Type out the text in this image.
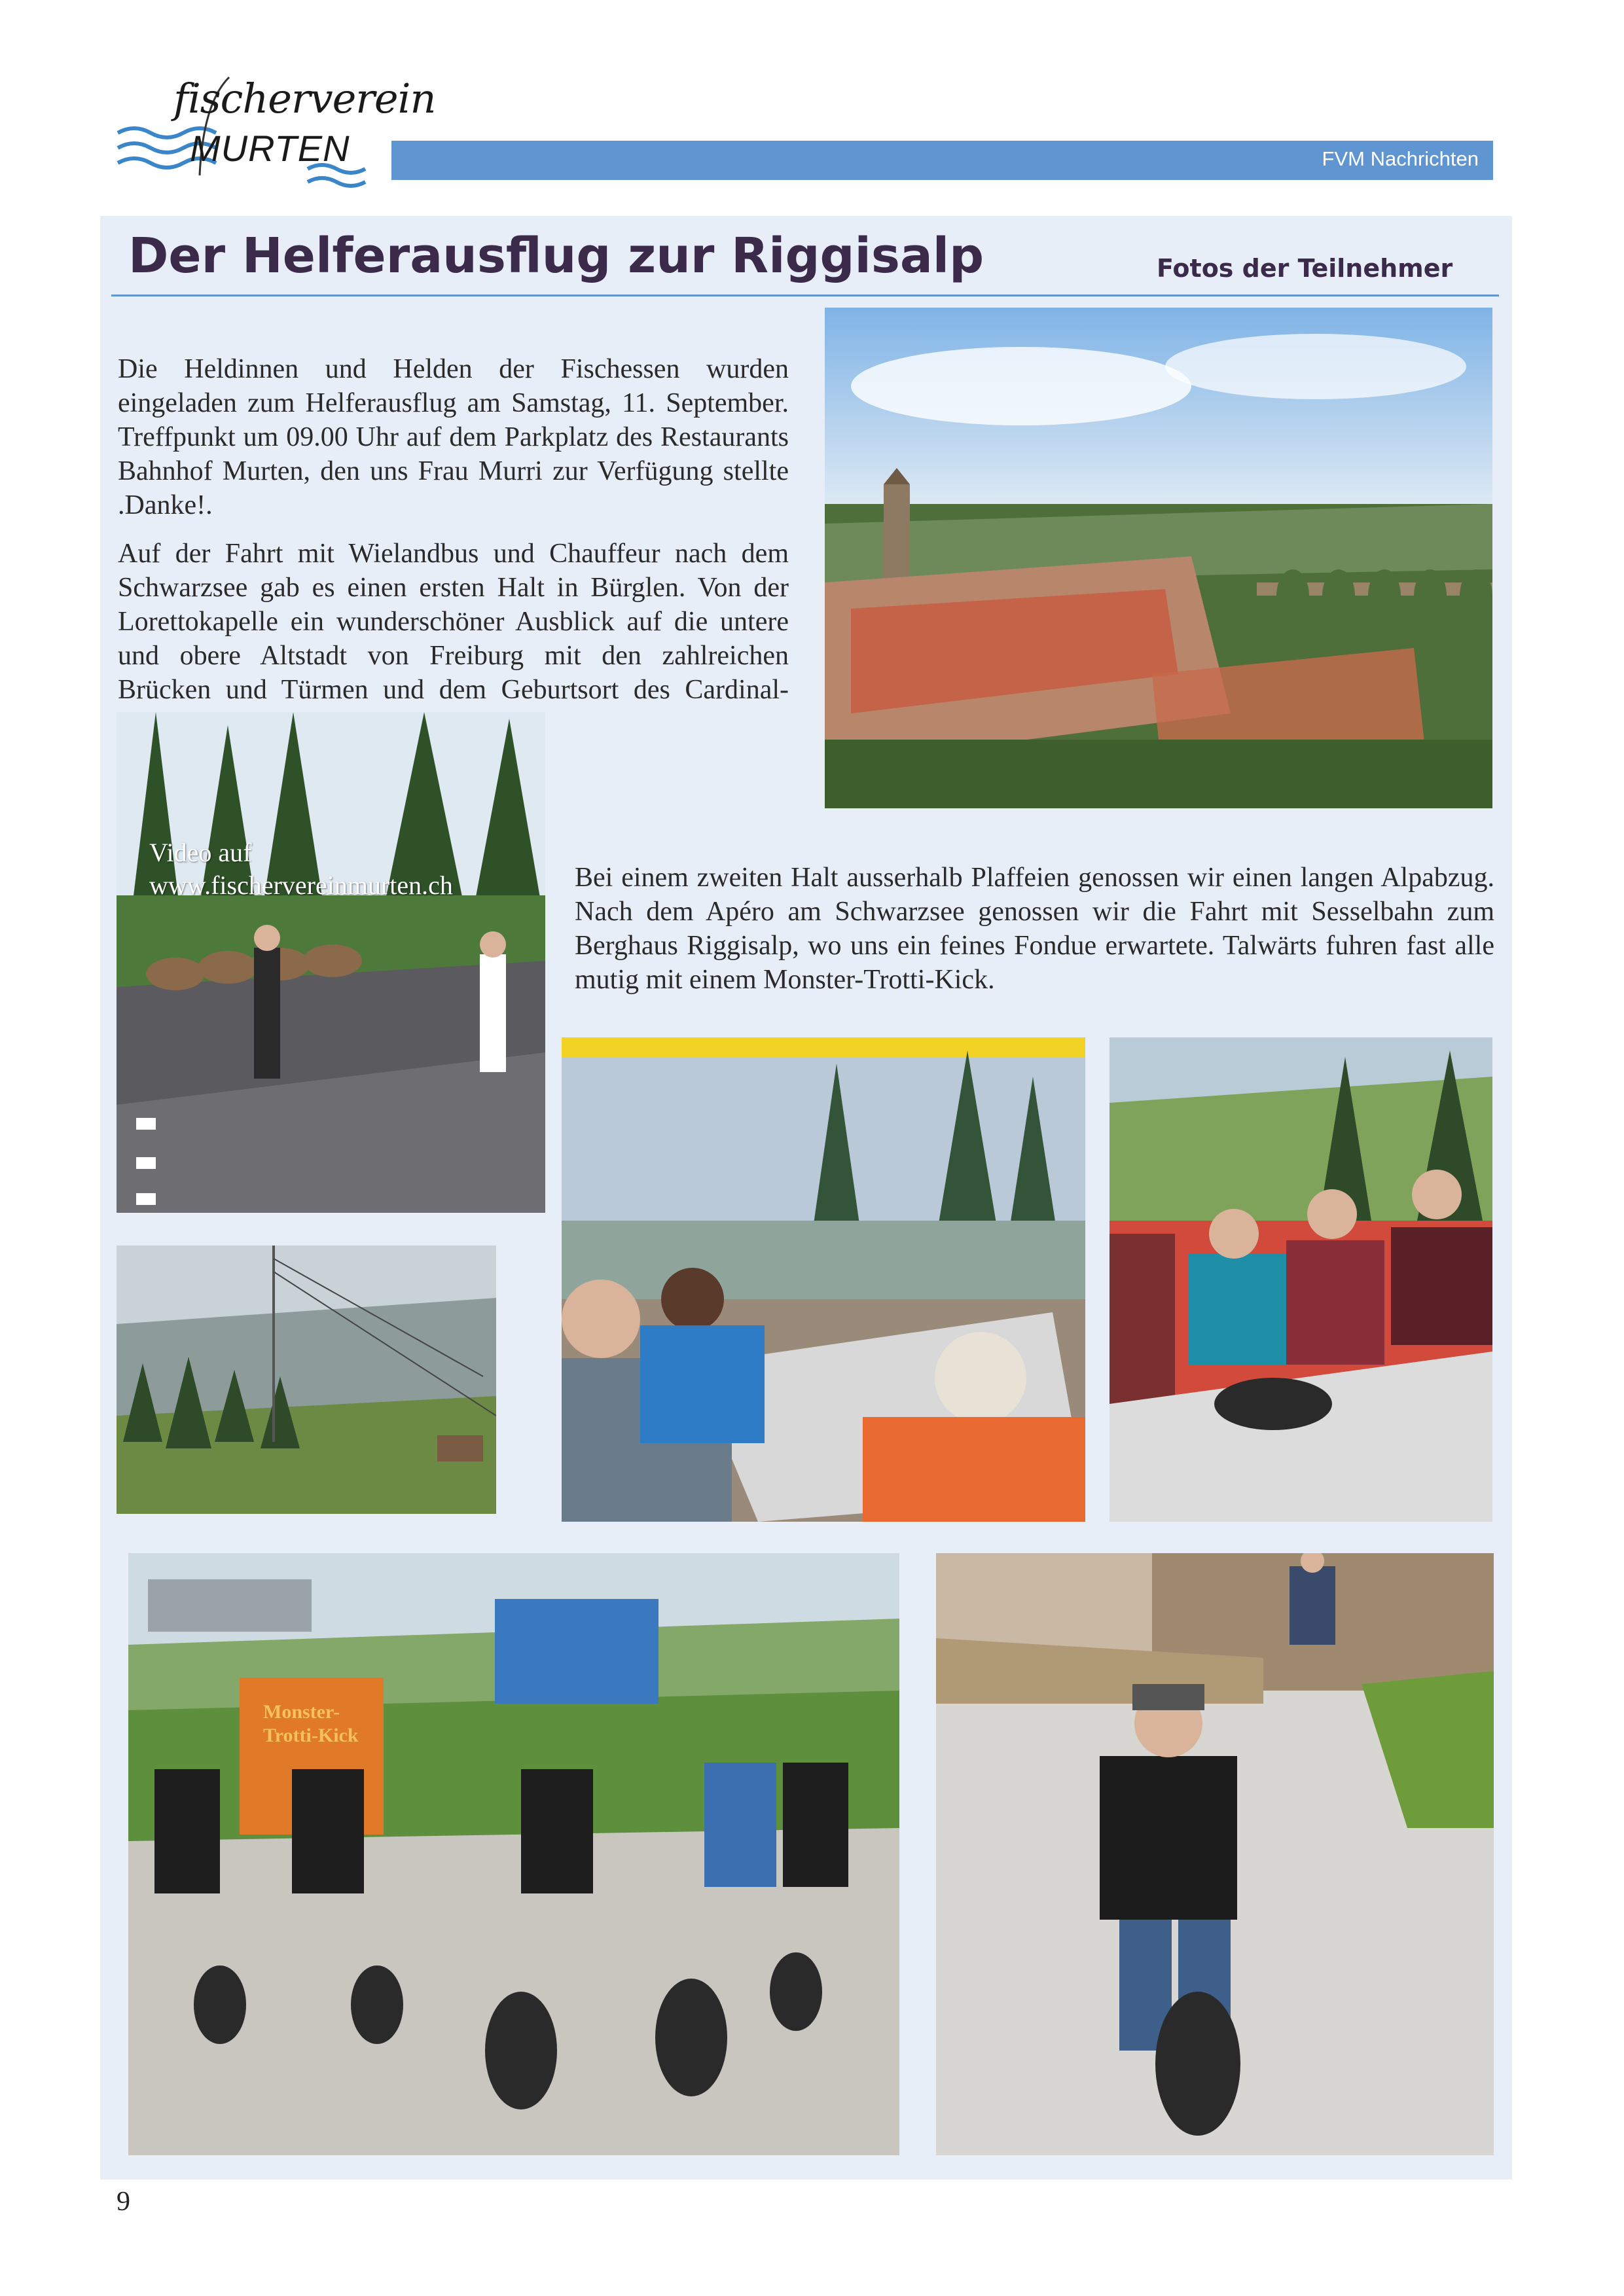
fischerverein
MURTEN	FVM Nachrichten
Der Helferausflug zur Riggisalp	Fotos der Teilnehmer

Die Heldinnen und Helden der Fischessen wurden eingeladen zum Helferausflug am Samstag, 11. September. Treffpunkt um 09.00 Uhr auf dem Parkplatz des Restaurants Bahnhof Murten, den uns Frau Murri zur Verfügung stellte .Danke!.

Auf der Fahrt mit Wielandbus und Chauffeur nach dem Schwarzsee gab es einen ersten Halt in Bürglen. Von der Lorettokapelle ein wunderschöner Ausblick auf die untere und obere Altstadt von Freiburg mit den zahlreichen Brücken und Türmen und dem Geburtsort des Cardinal-

Video auf
www.fischervereinmurten.ch	Bei einem zweiten Halt ausserhalb Plaffeien genossen wir einen langen Alpabzug. Nach dem Apéro am Schwarzsee genossen wir die Fahrt mit Sesselbahn zum Berghaus Riggisalp, wo uns ein feines Fondue erwartete. Talwärts fuhren fast alle mutig mit einem Monster-Trotti-Kick.

Monster-
Trotti-Kick
9
